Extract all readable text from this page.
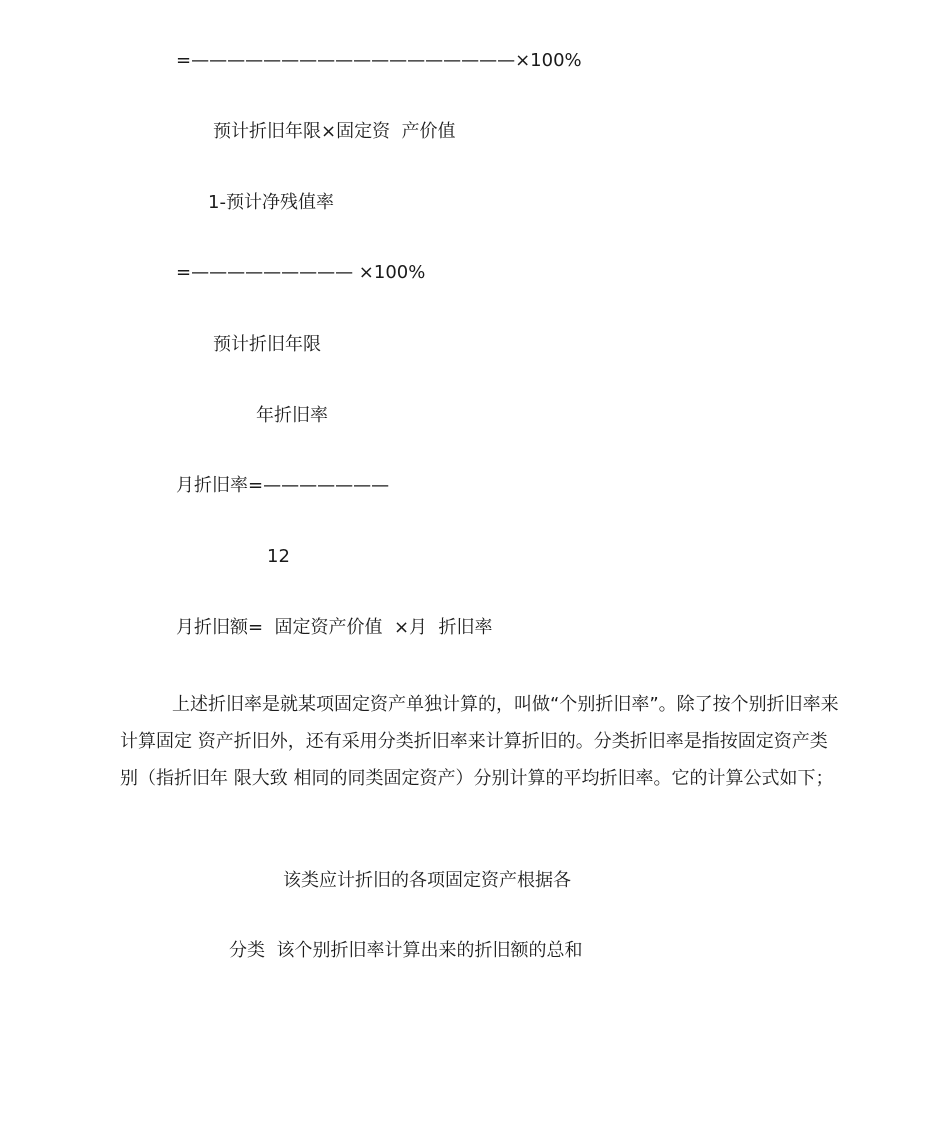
=——————————————————×100%
预计折旧年限×固定资  产价值
1-预计净残值率
=————————— ×100%
预计折旧年限
年折旧率
月折旧率=———————
12
月折旧额=  固定资产价值  ×月  折旧率
上述折旧率是就某项固定资产单独计算的，叫做“个别折旧率”。除了按个别折旧率来计算固定 资产折旧外，还有采用分类折旧率来计算折旧的。分类折旧率是指按固定资产类别（指折旧年 限大致 相同的同类固定资产）分别计算的平均折旧率。它的计算公式如下；
该类应计折旧的各项固定资产根据各
分类  该个别折旧率计算出来的折旧额的总和
